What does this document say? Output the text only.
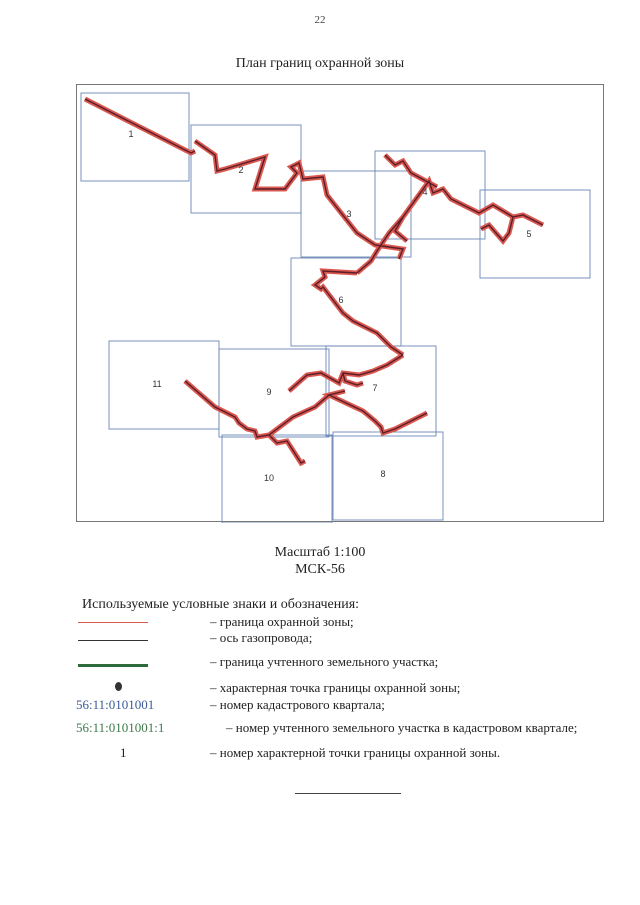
22
План границ охранной зоны
1
2
3
4
5
6
7
8
9
10
11
Масштаб 1:100
МСК-56
Используемые условные знаки и обозначения:
– граница охранной зоны;
– ось газопровода;
– граница учтенного земельного участка;
– характерная точка границы охранной зоны;
56:11:0101001	– номер кадастрового квартала;
56:11:0101001:1	– номер учтенного земельного участка в кадастровом квартале;
1	– номер характерной точки границы охранной зоны.
